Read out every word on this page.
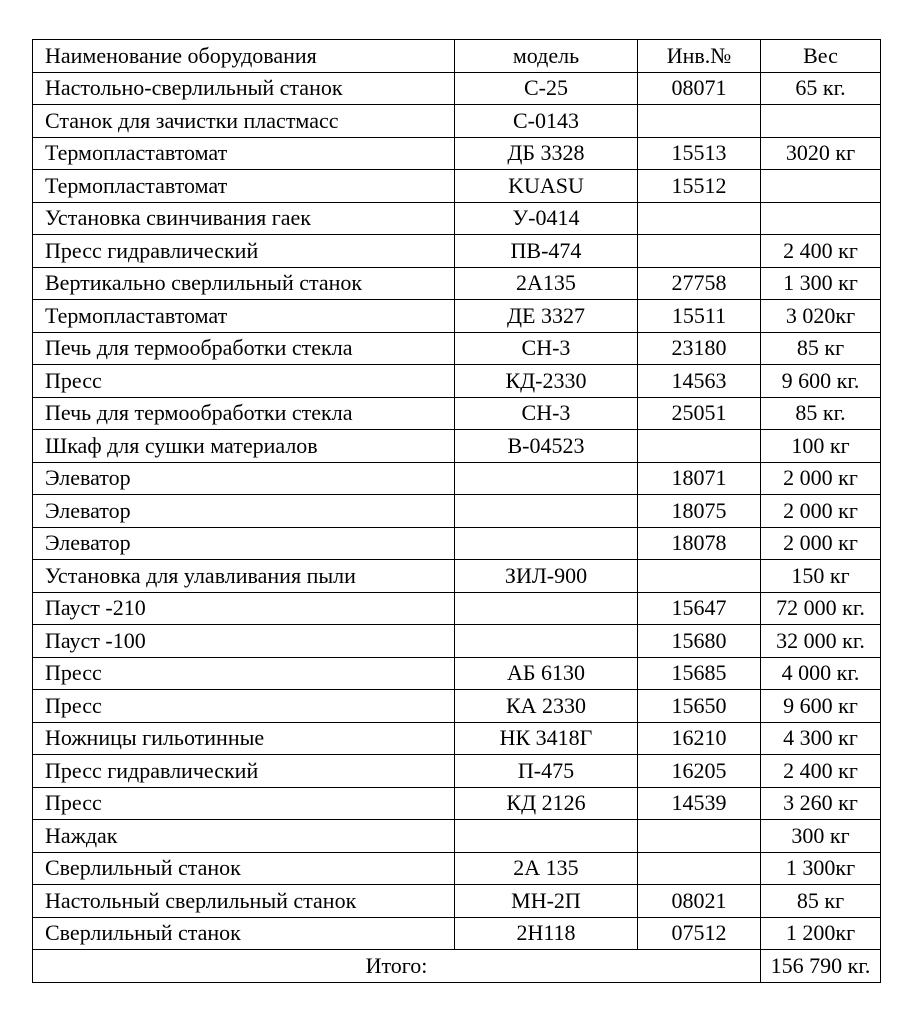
Наименование оборудования	модель	Инв.№	Вес
Настольно-сверлильный станок	С-25	08071	65 кг.
Станок для зачистки пластмасс	С-0143		
Термопластавтомат	ДБ 3328	15513	3020 кг
Термопластавтомат	KUASU	15512	
Установка свинчивания гаек	У-0414		
Пресс гидравлический	ПВ-474		2 400 кг
Вертикально сверлильный станок	2А135	27758	1 300 кг
Термопластавтомат	ДЕ 3327	15511	3 020кг
Печь для термообработки стекла	СН-3	23180	85 кг
Пресс	КД-2330	14563	9 600 кг.
Печь для термообработки стекла	СН-3	25051	85 кг.
Шкаф для сушки материалов	В-04523		100 кг
Элеватор		18071	2 000 кг
Элеватор		18075	2 000 кг
Элеватор		18078	2 000 кг
Установка для улавливания пыли	ЗИЛ-900		150 кг
Пауст -210		15647	72 000 кг.
Пауст -100		15680	32 000 кг.
Пресс	АБ 6130	15685	4 000 кг.
Пресс	КА 2330	15650	9 600 кг
Ножницы гильотинные	НК 3418Г	16210	4 300 кг
Пресс гидравлический	П-475	16205	2 400 кг
Пресс	КД 2126	14539	3 260 кг
Наждак			300 кг
Сверлильный станок	2А 135		1 300кг
Настольный сверлильный станок	МН-2П	08021	85 кг
Сверлильный станок	2Н118	07512	1 200кг
Итого:			156 790 кг.
